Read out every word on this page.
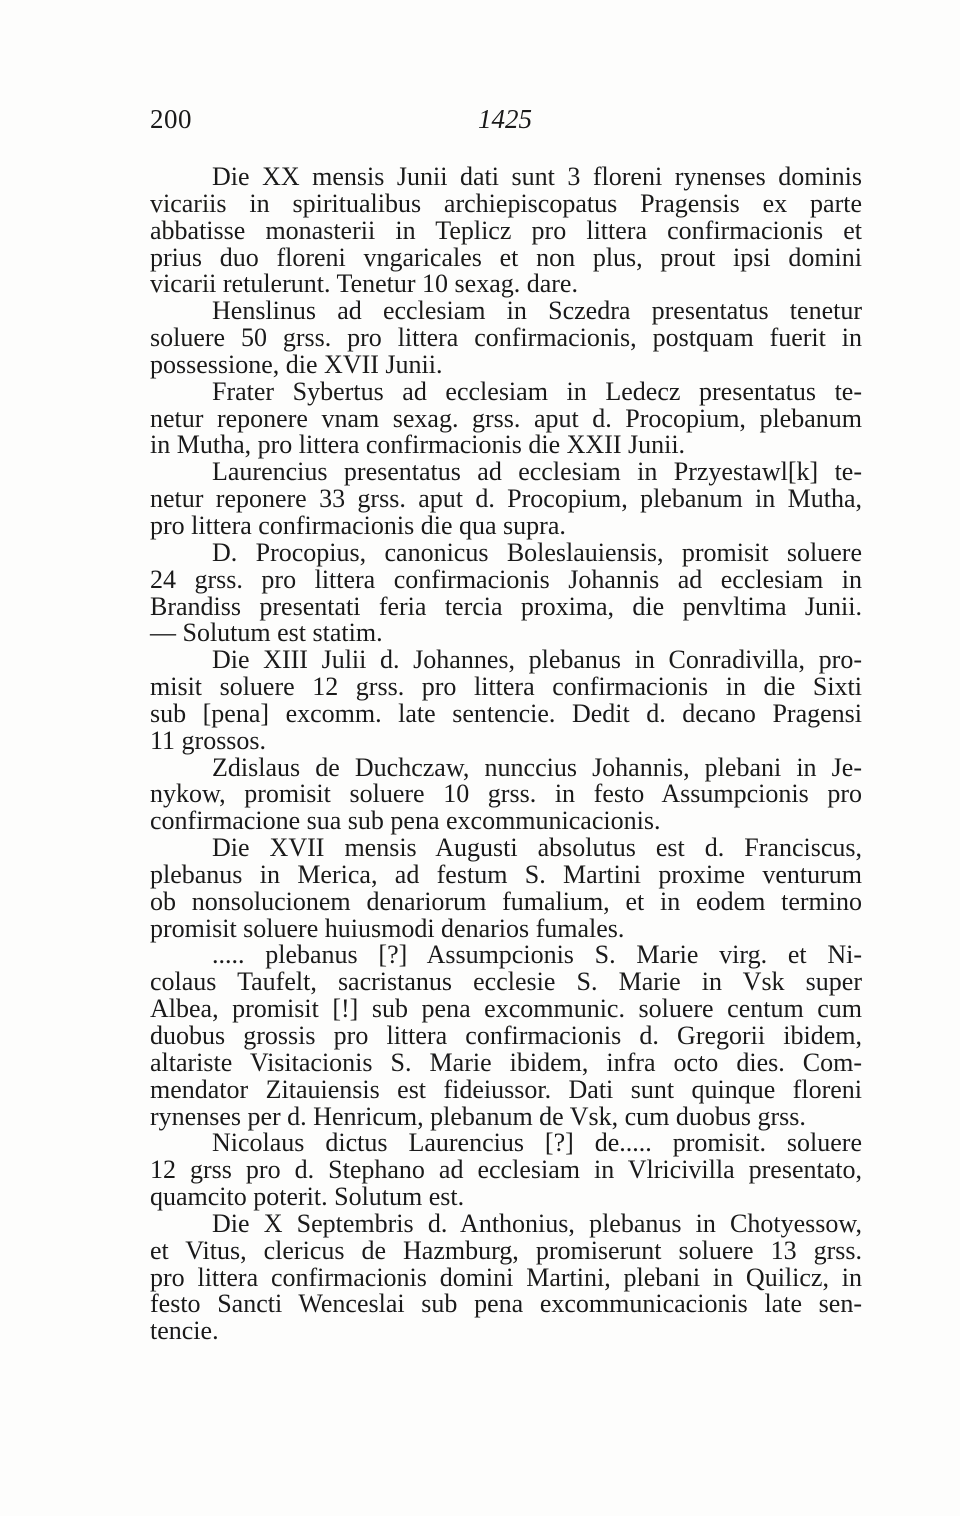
200	1425
Die XX mensis Junii dati sunt 3 floreni rynenses dominis
vicariis in spiritualibus archiepiscopatus Pragensis ex parte
abbatisse monasterii in Teplicz pro littera confirmacionis et
prius duo floreni vngaricales et non plus, prout ipsi domini
vicarii retulerunt. Tenetur 10 sexag. dare.
Henslinus ad ecclesiam in Sczedra presentatus tenetur
soluere 50 grss. pro littera confirmacionis, postquam fuerit in
possessione, die XVII Junii.
Frater Sybertus ad ecclesiam in Ledecz presentatus te-
netur reponere vnam sexag. grss. aput d. Procopium, plebanum
in Mutha, pro littera confirmacionis die XXII Junii.
Laurencius presentatus ad ecclesiam in Przyestawl[k] te-
netur reponere 33 grss. aput d. Procopium, plebanum in Mutha,
pro littera confirmacionis die qua supra.
D. Procopius, canonicus Boleslauiensis, promisit soluere
24 grss. pro littera confirmacionis Johannis ad ecclesiam in
Brandiss presentati feria tercia proxima, die penvltima Junii.
— Solutum est statim.
Die XIII Julii d. Johannes, plebanus in Conradivilla, pro-
misit soluere 12 grss. pro littera confirmacionis in die Sixti
sub [pena] excomm. late sentencie. Dedit d. decano Pragensi
11 grossos.
Zdislaus de Duchczaw, nunccius Johannis, plebani in Je-
nykow, promisit soluere 10 grss. in festo Assumpcionis pro
confirmacione sua sub pena excommunicacionis.
Die XVII mensis Augusti absolutus est d. Franciscus,
plebanus in Merica, ad festum S. Martini proxime venturum
ob nonsolucionem denariorum fumalium, et in eodem termino
promisit soluere huiusmodi denarios fumales.
..... plebanus [?] Assumpcionis S. Marie virg. et Ni-
colaus Taufelt, sacristanus ecclesie S. Marie in Vsk super
Albea, promisit [!] sub pena excommunic. soluere centum cum
duobus grossis pro littera confirmacionis d. Gregorii ibidem,
altariste Visitacionis S. Marie ibidem, infra octo dies. Com-
mendator Zitauiensis est fideiussor. Dati sunt quinque floreni
rynenses per d. Henricum, plebanum de Vsk, cum duobus grss.
Nicolaus dictus Laurencius [?] de..... promisit. soluere
12 grss pro d. Stephano ad ecclesiam in Vlricivilla presentato,
quamcito poterit. Solutum est.
Die X Septembris d. Anthonius, plebanus in Chotyessow,
et Vitus, clericus de Hazmburg, promiserunt soluere 13 grss.
pro littera confirmacionis domini Martini, plebani in Quilicz, in
festo Sancti Wenceslai sub pena excommunicacionis late sen-
tencie.
